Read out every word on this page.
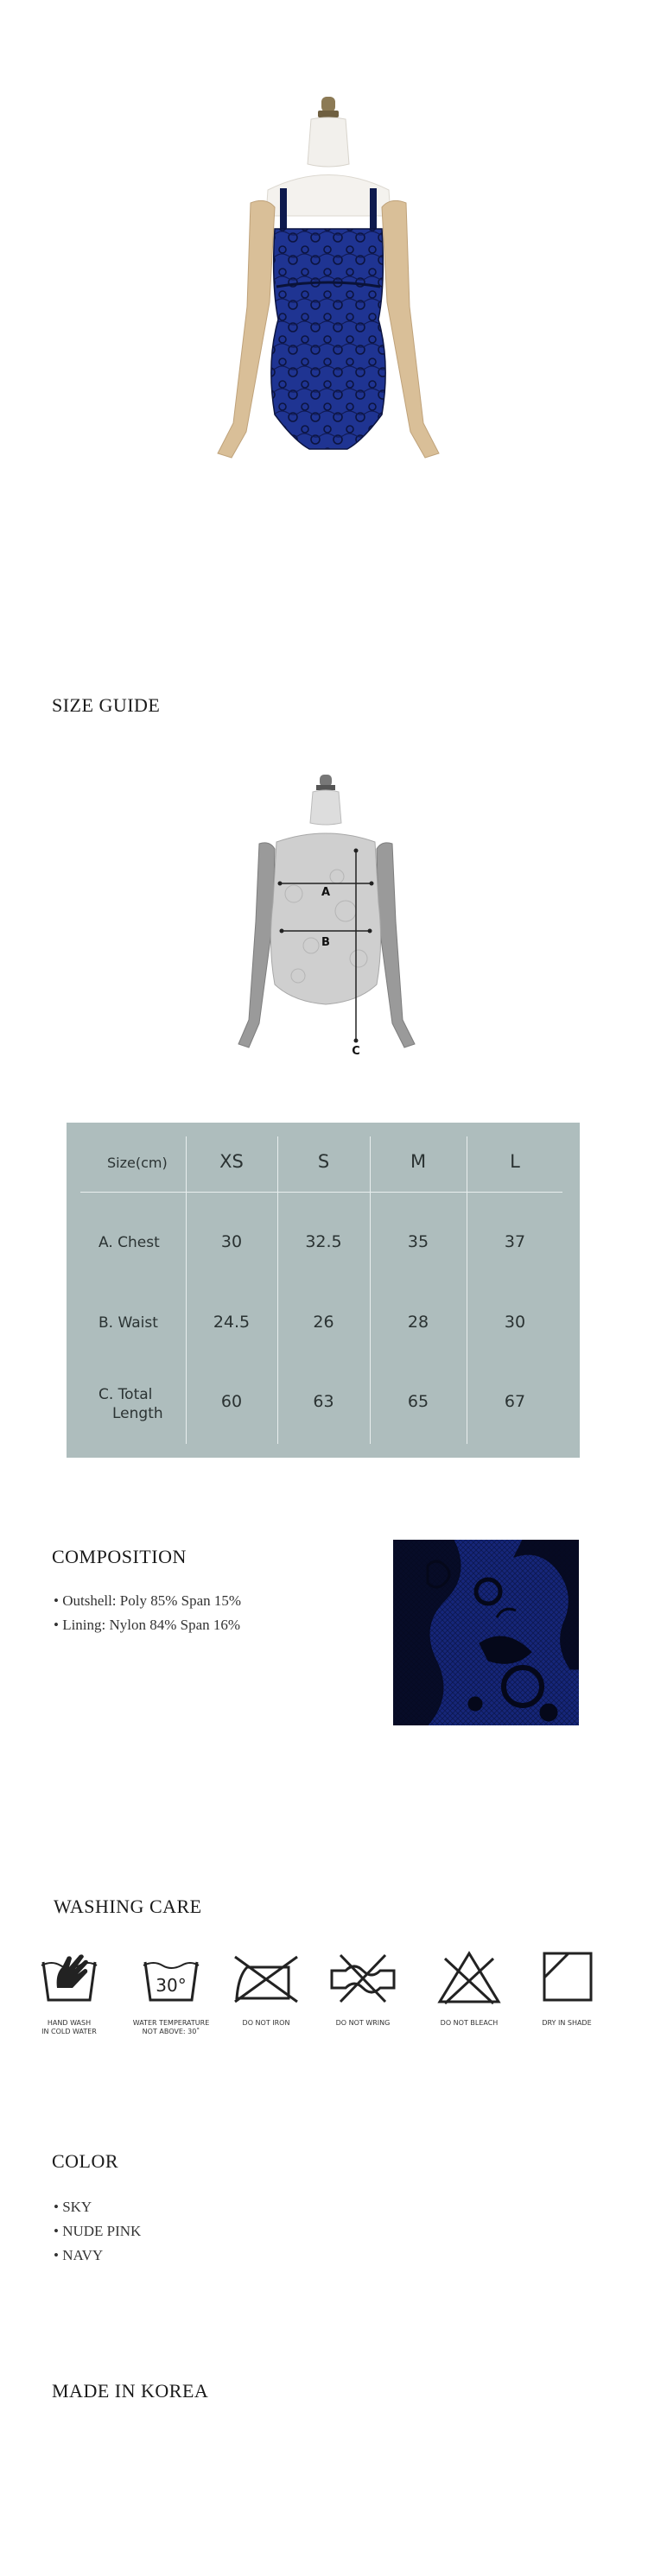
SIZE GUIDE
A
B
C
Size(cm)	XS	S	M	L
A. Chest	30	32.5	35	37
B. Waist	24.5	26	28	30
C. Total
Length
60	63	65	67
COMPOSITION
• Outshell: Poly 85% Span 15%
• Lining: Nylon 84% Span 16%
WASHING CARE
HAND WASH
IN COLD WATER
30°
WATER TEMPERATURE
NOT ABOVE: 30˚
DO NOT IRON	DO NOT WRING	DO NOT BLEACH	DRY IN SHADE
COLOR
• SKY
• NUDE PINK
• NAVY
MADE IN KOREA
